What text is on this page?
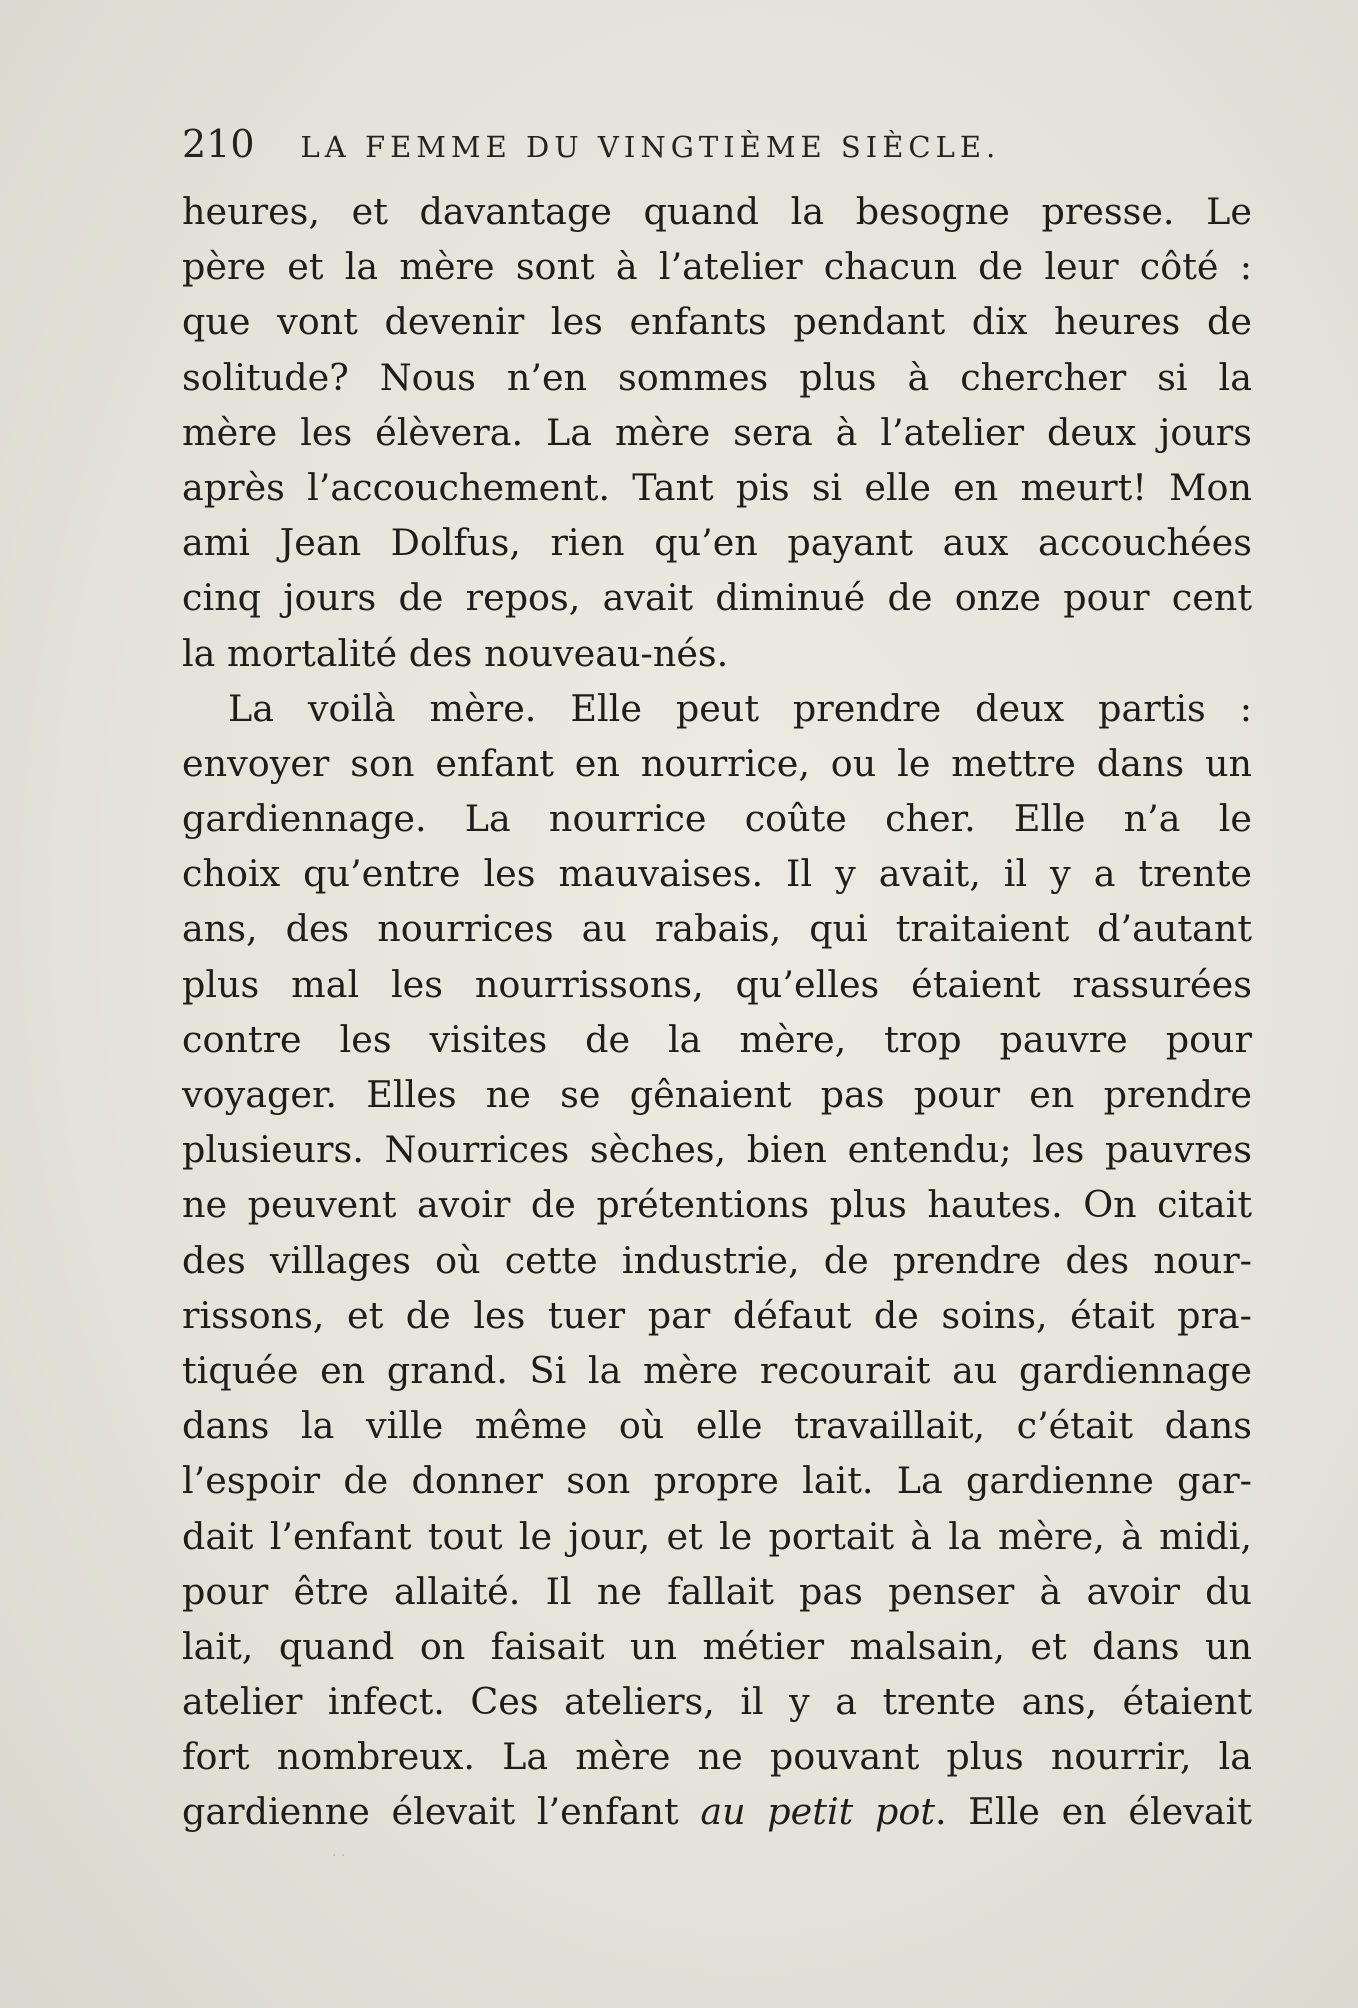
210 LA FEMME DU VINGTIÈME SIÈCLE.
heures, et davantage quand la besogne presse. Le
père et la mère sont à l’atelier chacun de leur côté :
que vont devenir les enfants pendant dix heures de
solitude? Nous n’en sommes plus à chercher si la
mère les élèvera. La mère sera à l’atelier deux jours
après l’accouchement. Tant pis si elle en meurt! Mon
ami Jean Dolfus, rien qu’en payant aux accouchées
cinq jours de repos, avait diminué de onze pour cent
la mortalité des nouveau-nés.
La voilà mère. Elle peut prendre deux partis :
envoyer son enfant en nourrice, ou le mettre dans un
gardiennage. La nourrice coûte cher. Elle n’a le
choix qu’entre les mauvaises. Il y avait, il y a trente
ans, des nourrices au rabais, qui traitaient d’autant
plus mal les nourrissons, qu’elles étaient rassurées
contre les visites de la mère, trop pauvre pour
voyager. Elles ne se gênaient pas pour en prendre
plusieurs. Nourrices sèches, bien entendu; les pauvres
ne peuvent avoir de prétentions plus hautes. On citait
des villages où cette industrie, de prendre des nour-
rissons, et de les tuer par défaut de soins, était pra-
tiquée en grand. Si la mère recourait au gardiennage
dans la ville même où elle travaillait, c’était dans
l’espoir de donner son propre lait. La gardienne gar-
dait l’enfant tout le jour, et le portait à la mère, à midi,
pour être allaité. Il ne fallait pas penser à avoir du
lait, quand on faisait un métier malsain, et dans un
atelier infect. Ces ateliers, il y a trente ans, étaient
fort nombreux. La mère ne pouvant plus nourrir, la
gardienne élevait l’enfant au petit pot. Elle en élevait
· ·
